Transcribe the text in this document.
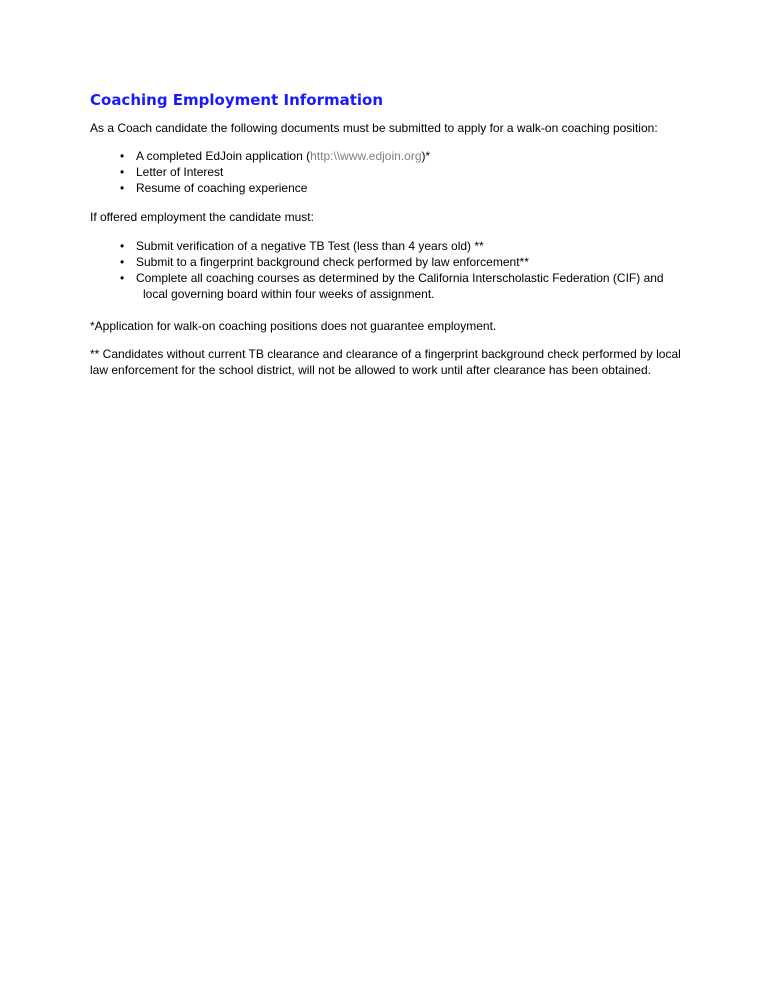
Coaching Employment Information

As a Coach candidate the following documents must be submitted to apply for a walk-on coaching position:

• A completed EdJoin application (http:\\www.edjoin.org)*
• Letter of Interest
• Resume of coaching experience

If offered employment the candidate must:

• Submit verification of a negative TB Test (less than 4 years old) **
• Submit to a fingerprint background check performed by law enforcement**
• Complete all coaching courses as determined by the California Interscholastic Federation (CIF) and
local governing board within four weeks of assignment.

*Application for walk-on coaching positions does not guarantee employment.

** Candidates without current TB clearance and clearance of a fingerprint background check performed by local law enforcement for the school district, will not be allowed to work until after clearance has been obtained.
